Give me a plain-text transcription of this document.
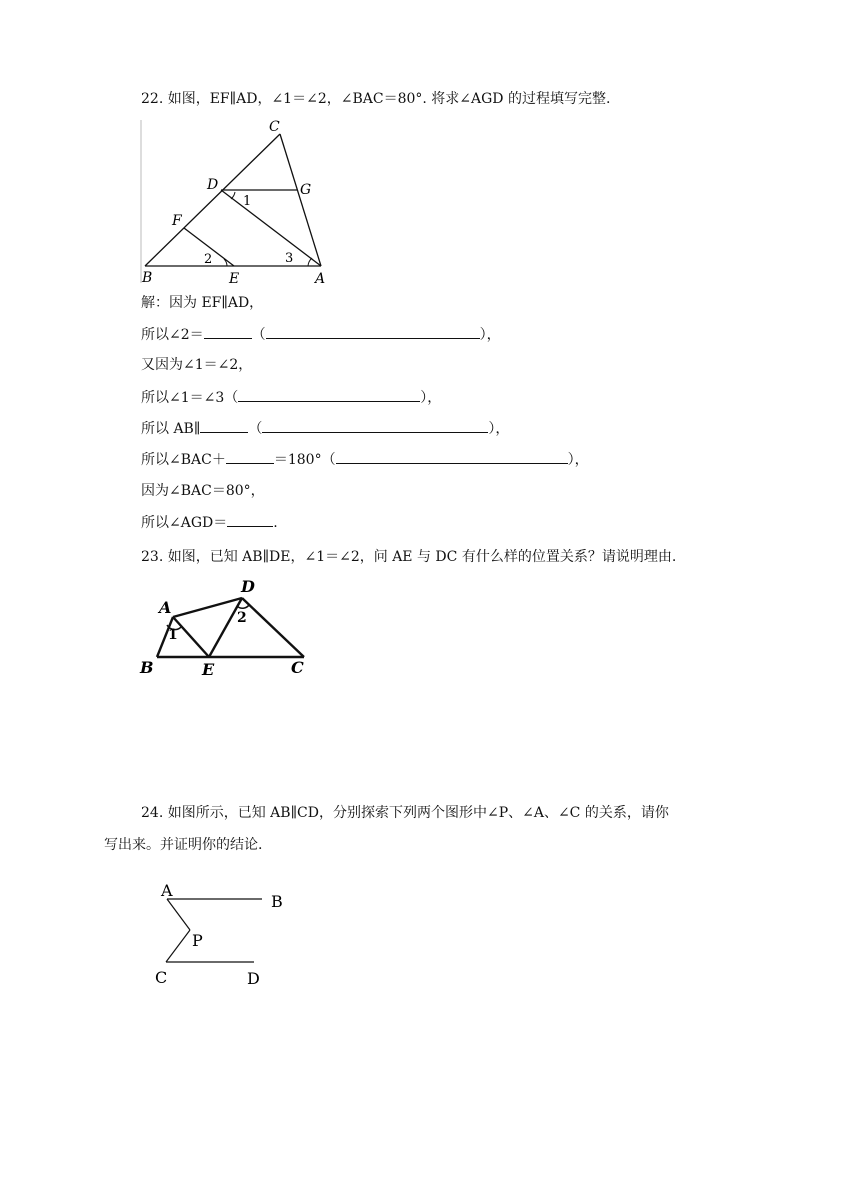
22. 如图，EF∥AD，∠1＝∠2，∠BAC＝80°. 将求∠AGD 的过程填写完整.
C
D	G
1
F
2	3
B	E	A
解：因为 EF∥AD，
所以∠2＝	（	），
又因为∠1＝∠2，
所以∠1＝∠3（	），
所以 AB∥	（	），
所以∠BAC＋	＝180°（	），
因为∠BAC＝80°，
所以∠AGD＝	.
23. 如图，已知 AB∥DE，∠1＝∠2，问 AE 与 DC 有什么样的位置关系？请说明理由.
A
D
1
2
B	E	C
24. 如图所示，已知 AB∥CD，分别探索下列两个图形中∠P、∠A、∠C 的关系，请你
写出来。并证明你的结论.
A
B
P
C	D
